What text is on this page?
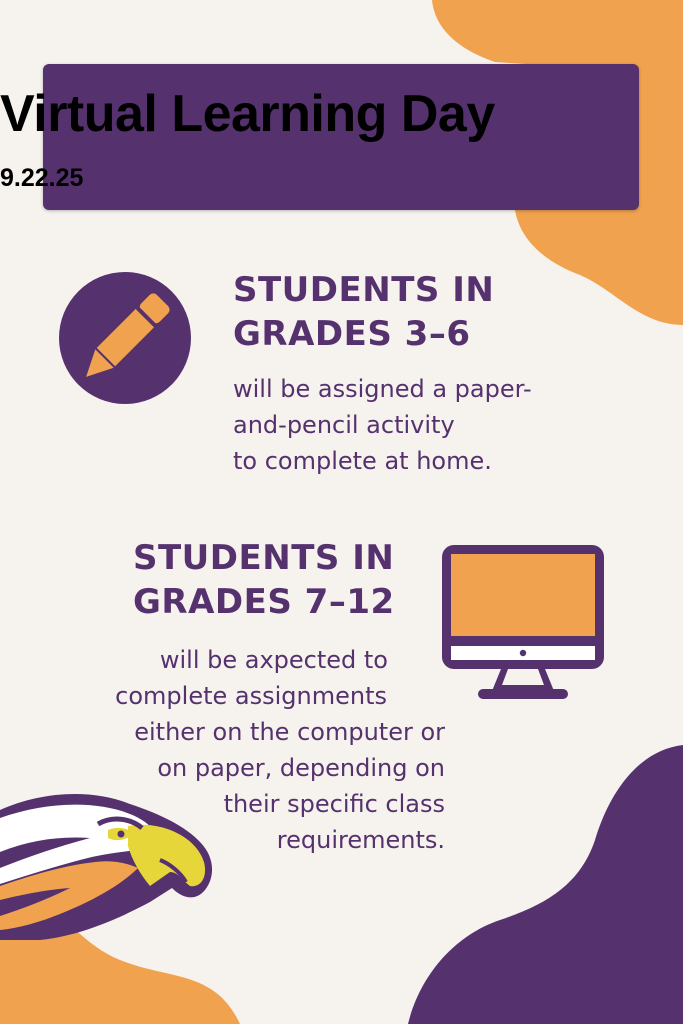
Virtual Learning Day
9.22.25
STUDENTS IN
GRADES 3–6
will be assigned a paper-
and-pencil activity
to complete at home.
STUDENTS IN
GRADES 7–12
will be axpected to
complete assignments
either on the computer or
on paper, depending on
their specific class
requirements.
